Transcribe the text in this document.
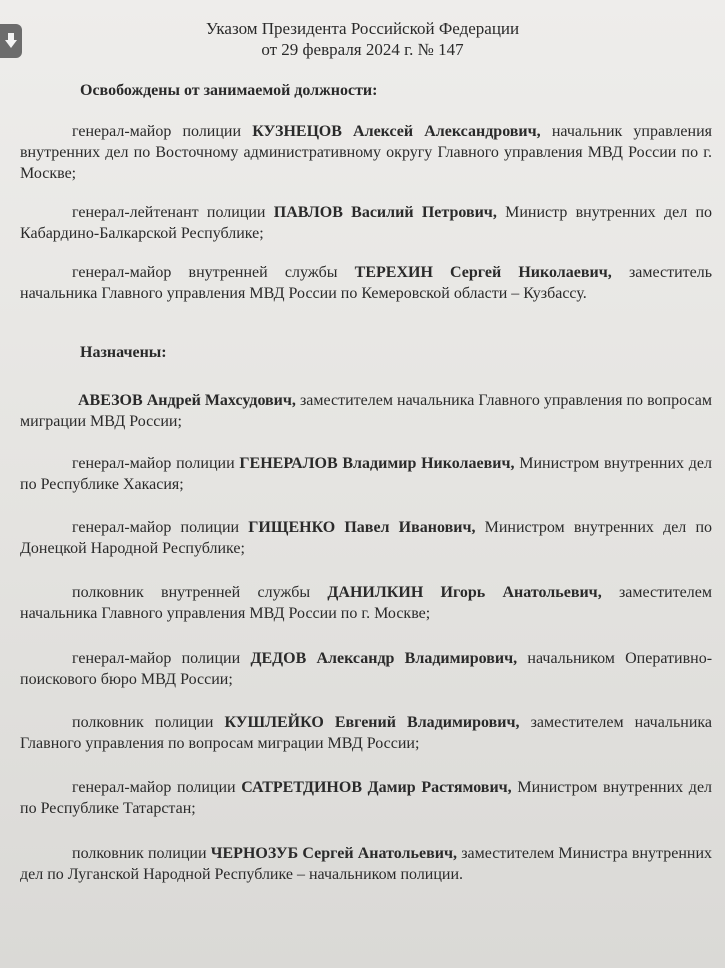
Указом Президента Российской Федерации
от 29 февраля 2024 г. № 147
Освобождены от занимаемой должности:
генерал-майор полиции КУЗНЕЦОВ Алексей Александрович, начальник управления внутренних дел по Восточному административному округу Главного управления МВД России по г. Москве;
генерал-лейтенант полиции ПАВЛОВ Василий Петрович, Министр внутренних дел по Кабардино-Балкарской Республике;
генерал-майор внутренней службы ТЕРЕХИН Сергей Николаевич, заместитель начальника Главного управления МВД России по Кемеровской области – Кузбассу.
Назначены:
АВЕЗОВ Андрей Махсудович, заместителем начальника Главного управления по вопросам миграции МВД России;
генерал-майор полиции ГЕНЕРАЛОВ Владимир Николаевич, Министром внутренних дел по Республике Хакасия;
генерал-майор полиции ГИЩЕНКО Павел Иванович, Министром внутренних дел по Донецкой Народной Республике;
полковник внутренней службы ДАНИЛКИН Игорь Анатольевич, заместителем начальника Главного управления МВД России по г. Москве;
генерал-майор полиции ДЕДОВ Александр Владимирович, начальником Оперативно-поискового бюро МВД России;
полковник полиции КУШЛЕЙКО Евгений Владимирович, заместителем начальника Главного управления по вопросам миграции МВД России;
генерал-майор полиции САТРЕТДИНОВ Дамир Растямович, Министром внутренних дел по Республике Татарстан;
полковник полиции ЧЕРНОЗУБ Сергей Анатольевич, заместителем Министра внутренних дел по Луганской Народной Республике – начальником полиции.
